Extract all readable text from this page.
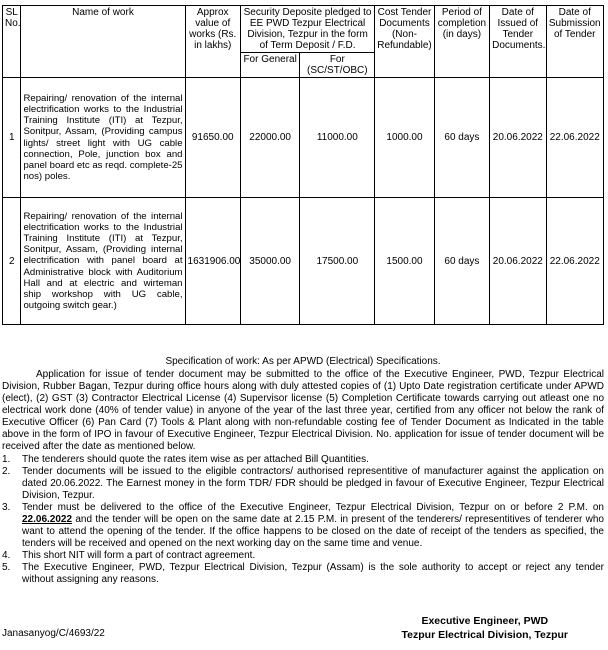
SL No.	Name of work	Approx value of works (Rs. in lakhs)	Security Deposite pledged to EE PWD Tezpur Electrical Division, Tezpur in the form of Term Deposit / F.D.		Cost Tender Documents (Non-Refundable)	Period of completion (in days)	Date of Issued of Tender Documents.	Date of Submission of Tender
			For General	For (SC/ST/OBC)				
1	Repairing/ renovation of the internal electrification works to the Industrial Training Institute (ITI) at Tezpur, Sonitpur, Assam, (Providing campus lights/ street light with UG cable connection, Pole, junction box and panel board etc as reqd. complete-25 nos) poles.	91650.00	22000.00	11000.00	1000.00	60 days	20.06.2022	22.06.2022
2	Repairing/ renovation of the internal electrification works to the Industrial Training Institute (ITI) at Tezpur, Sonitpur, Assam, (Providing internal electrification with panel board at Administrative block with Auditorium Hall and at electric and wirteman ship workshop with UG cable, outgoing switch gear.)	1631906.00	35000.00	17500.00	1500.00	60 days	20.06.2022	22.06.2022
Specification of work: As per APWD (Electrical) Specifications.

Application for issue of tender document may be submitted to the office of the Executive Engineer, PWD, Tezpur Electrical Division, Rubber Bagan, Tezpur during office hours along with duly attested copies of (1) Upto Date registration certificate under APWD (elect), (2) GST (3) Contractor Electrical License (4) Supervisor license (5) Completion Certificate towards carrying out atleast one no electrical work done (40% of tender value) in anyone of the year of the last three year, certified from any officer not below the rank of Executive Officer (6) Pan Card (7) Tools & Plant along with non-refundable costing fee of Tender Document as Indicated in the table above in the form of IPO in favour of Executive Engineer, Tezpur Electrical Division. No. application for issue of tender document will be received after the date as mentioned below.

1. The tenderers should quote the rates item wise as per attached Bill Quantities.
2. Tender documents will be issued to the eligible contractors/ authorised representitive of manufacturer against the application on dated 20.06.2022. The Earnest money in the form TDR/ FDR should be pledged in favour of Executive Engineer, Tezpur Electrical Division, Tezpur.
3. Tender must be delivered to the office of the Executive Engineer, Tezpur Electrical Division, Tezpur on or before 2 P.M. on 22.06.2022 and the tender will be open on the same date at 2.15 P.M. in present of the tenderers/ representitives of tenderer who want to attend the opening of the tender. If the office happens to be closed on the date of receipt of the tenders as specified, the tenders will be received and opened on the next working day on the same time and venue.
4. This short NIT will form a part of contract agreement.
5. The Executive Engineer, PWD, Tezpur Electrical Division, Tezpur (Assam) is the sole authority to accept or reject any tender without assigning any reasons.
Executive Engineer, PWD
Tezpur Electrical Division, Tezpur
Janasanyog/C/4693/22
